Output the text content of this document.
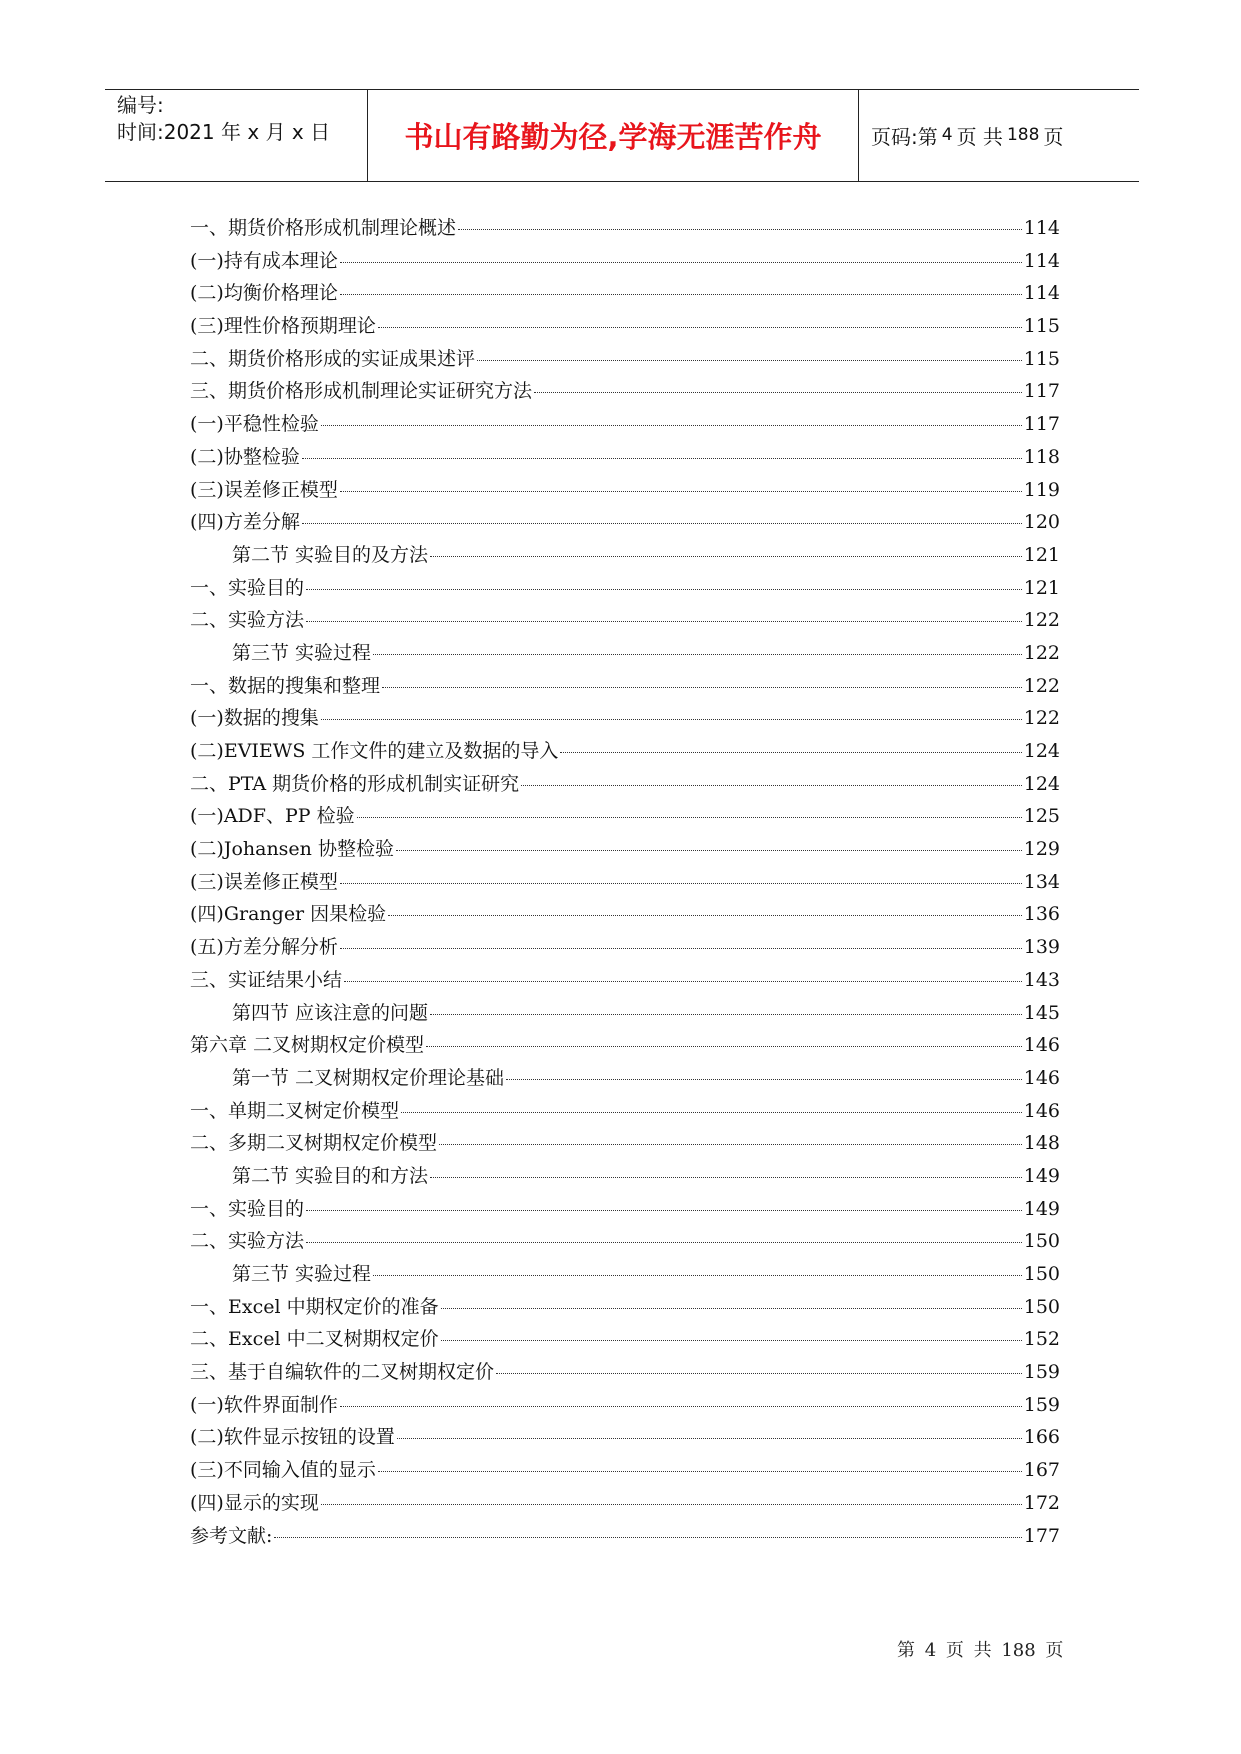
编号:
时间:2021 年 x 月 x 日	书山有路勤为径,学海无涯苦作舟	页码:第 4 页 共 188 页
一、期货价格形成机制理论概述	114
(一)持有成本理论	114
(二)均衡价格理论	114
(三)理性价格预期理论	115
二、期货价格形成的实证成果述评	115
三、期货价格形成机制理论实证研究方法	117
(一)平稳性检验	117
(二)协整检验	118
(三)误差修正模型	119
(四)方差分解	120
第二节 实验目的及方法	121
一、实验目的	121
二、实验方法	122
第三节 实验过程	122
一、数据的搜集和整理	122
(一)数据的搜集	122
(二)EVIEWS 工作文件的建立及数据的导入	124
二、PTA 期货价格的形成机制实证研究	124
(一)ADF、PP 检验	125
(二)Johansen 协整检验	129
(三)误差修正模型	134
(四)Granger 因果检验	136
(五)方差分解分析	139
三、实证结果小结	143
第四节 应该注意的问题	145
第六章 二叉树期权定价模型	146
第一节 二叉树期权定价理论基础	146
一、单期二叉树定价模型	146
二、多期二叉树期权定价模型	148
第二节 实验目的和方法	149
一、实验目的	149
二、实验方法	150
第三节 实验过程	150
一、Excel 中期权定价的准备	150
二、Excel 中二叉树期权定价	152
三、基于自编软件的二叉树期权定价	159
(一)软件界面制作	159
(二)软件显示按钮的设置	166
(三)不同输入值的显示	167
(四)显示的实现	172
参考文献:	177
第 4 页 共 188 页
